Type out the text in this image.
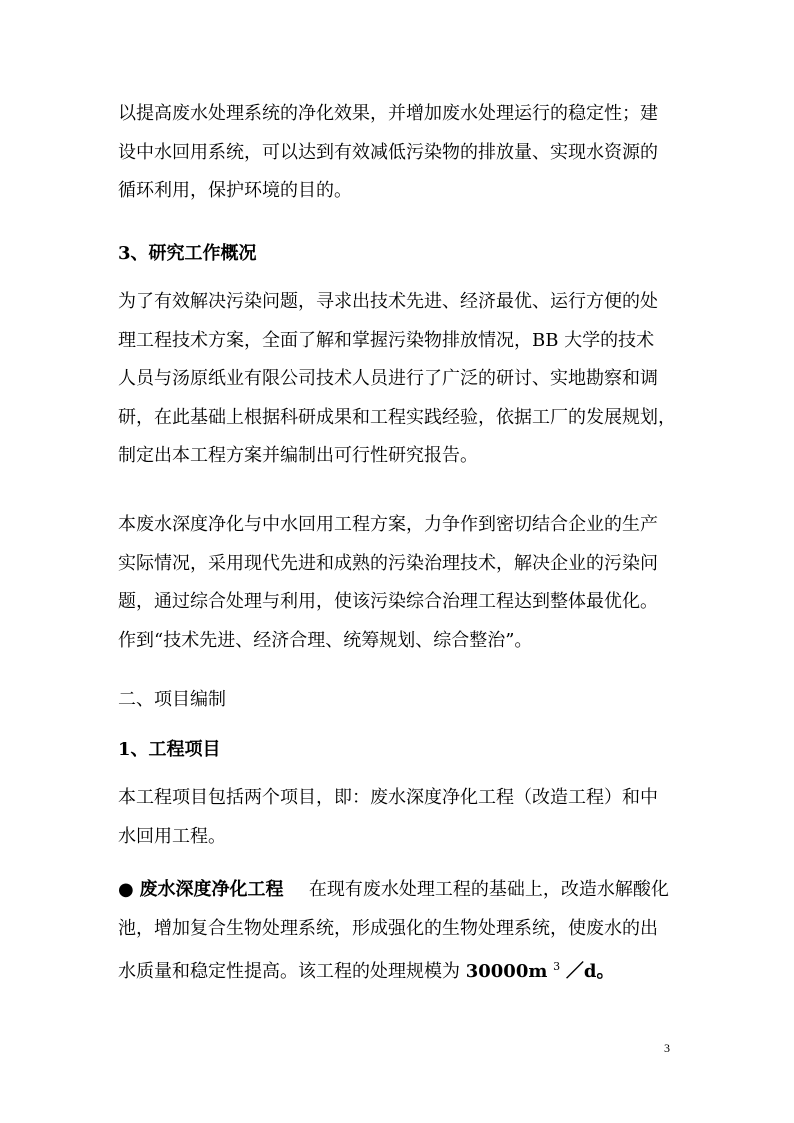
以提高废水处理系统的净化效果，并增加废水处理运行的稳定性；建
设中水回用系统，可以达到有效减低污染物的排放量、实现水资源的
循环利用，保护环境的目的。
3、研究工作概况
为了有效解决污染问题，寻求出技术先进、经济最优、运行方便的处
理工程技术方案，全面了解和掌握污染物排放情况，BB 大学的技术
人员与汤原纸业有限公司技术人员进行了广泛的研讨、实地勘察和调
研，在此基础上根据科研成果和工程实践经验，依据工厂的发展规划，
制定出本工程方案并编制出可行性研究报告。
本废水深度净化与中水回用工程方案，力争作到密切结合企业的生产
实际情况，采用现代先进和成熟的污染治理技术，解决企业的污染问
题，通过综合处理与利用，使该污染综合治理工程达到整体最优化。
作到“技术先进、经济合理、统筹规划、综合整治”。
二、项目编制
1、工程项目
本工程项目包括两个项目，即：废水深度净化工程（改造工程）和中
水回用工程。
● 废水深度净化工程 在现有废水处理工程的基础上，改造水解酸化
池，增加复合生物处理系统，形成强化的生物处理系统，使废水的出
水质量和稳定性提高。该工程的处理规模为 30000m $^3$ ／d。
3
